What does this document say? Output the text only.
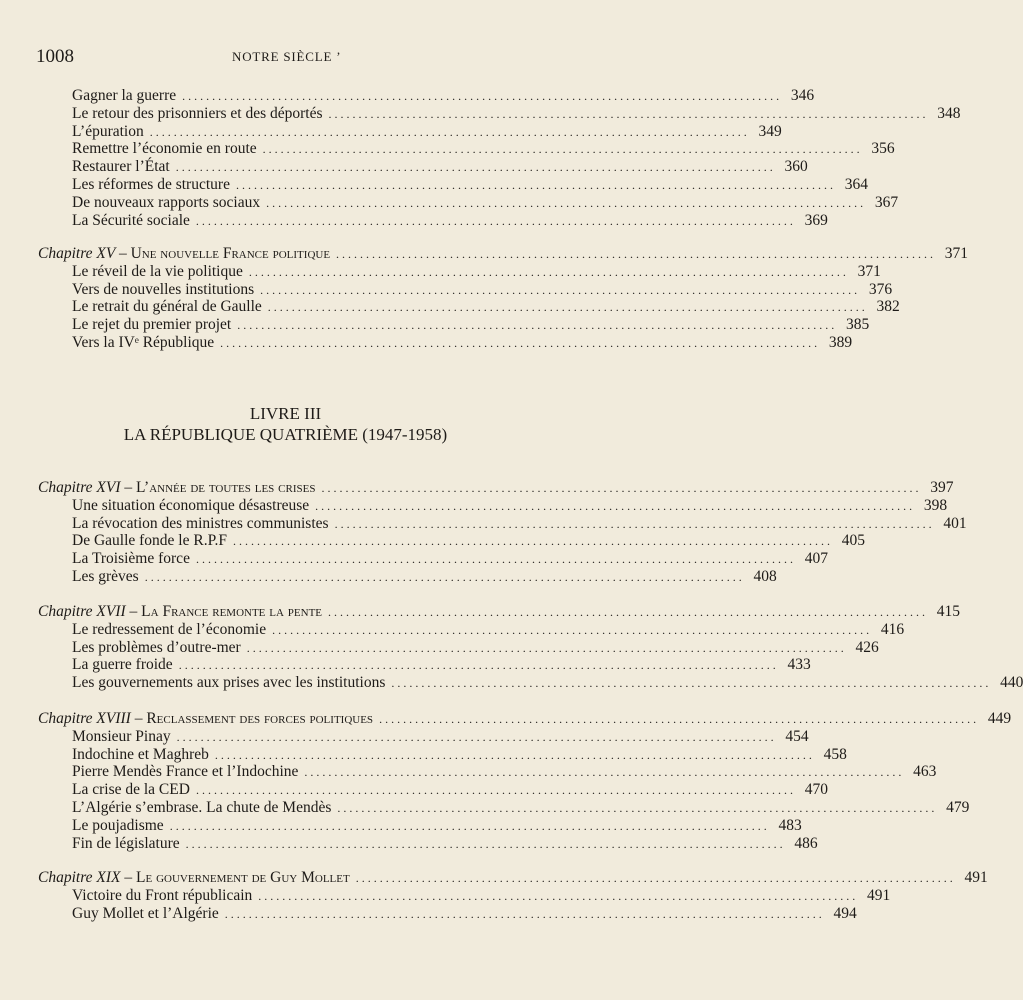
1008	NOTRE SIÈCLE ’
Gagner la guerre . . .	346
Le retour des prisonniers et des déportés . . .	348
L’épuration . . .	349
Remettre l’économie en route . . .	356
Restaurer l’État . . .	360
Les réformes de structure . . .	364
De nouveaux rapports sociaux . . .	367
La Sécurité sociale . . .	369
Chapitre XV – Une nouvelle France politique . . .	371
Le réveil de la vie politique . . .	371
Vers de nouvelles institutions . . .	376
Le retrait du général de Gaulle . . .	382
Le rejet du premier projet . . .	385
Vers la IVᵉ République . . .	389
Chapitre XVI – L’année de toutes les crises . . .	397
Une situation économique désastreuse . . .	398
La révocation des ministres communistes . . .	401
De Gaulle fonde le R.P.F . . .	405
La Troisième force . . .	407
Les grèves . . .	408
Chapitre XVII – La France remonte la pente . . .	415
Le redressement de l’économie . . .	416
Les problèmes d’outre-mer . . .	426
La guerre froide . . .	433
Les gouvernements aux prises avec les institutions . . .	440
Chapitre XVIII – Reclassement des forces politiques . . .	449
Monsieur Pinay . . .	454
Indochine et Maghreb . . .	458
Pierre Mendès France et l’Indochine . . .	463
La crise de la CED . . .	470
L’Algérie s’embrase. La chute de Mendès . . .	479
Le poujadisme . . .	483
Fin de législature . . .	486
Chapitre XIX – Le gouvernement de Guy Mollet . . .	491
Victoire du Front républicain . . .	491
Guy Mollet et l’Algérie . . .	494
LIVRE III
LA RÉPUBLIQUE QUATRIÈME (1947-1958)
